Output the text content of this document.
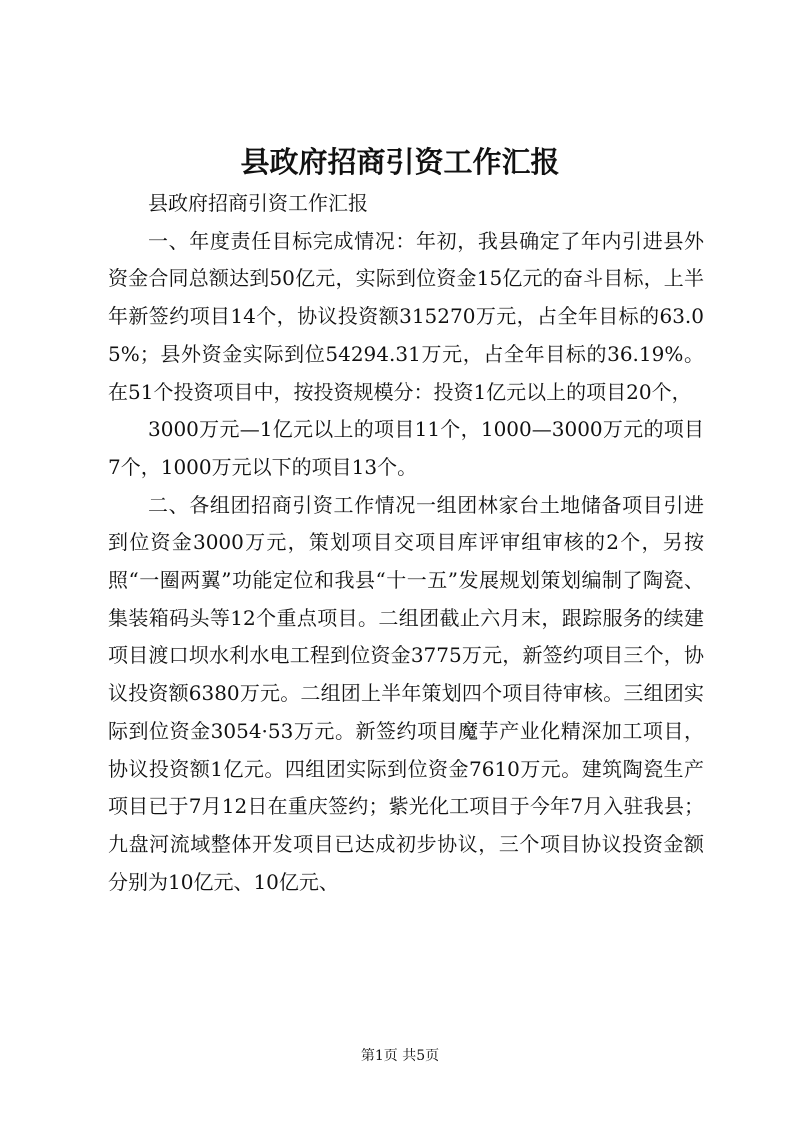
县政府招商引资工作汇报

县政府招商引资工作汇报

一、年度责任目标完成情况：年初，我县确定了年内引进县外资金合同总额达到50亿元，实际到位资金15亿元的奋斗目标，上半年新签约项目14个，协议投资额315270万元，占全年目标的63.05%；县外资金实际到位54294.31万元，占全年目标的36.19%。在51个投资项目中，按投资规模分：投资1亿元以上的项目20个，

3000万元—1亿元以上的项目11个，1000—3000万元的项目7个，1000万元以下的项目13个。

二、各组团招商引资工作情况一组团林家台土地储备项目引进到位资金3000万元，策划项目交项目库评审组审核的2个，另按照“一圈两翼”功能定位和我县“十一五”发展规划策划编制了陶瓷、集装箱码头等12个重点项目。二组团截止六月末，跟踪服务的续建项目渡口坝水利水电工程到位资金3775万元，新签约项目三个，协议投资额6380万元。二组团上半年策划四个项目待审核。三组团实际到位资金3054·53万元。新签约项目魔芋产业化精深加工项目，协议投资额1亿元。四组团实际到位资金7610万元。建筑陶瓷生产项目已于7月12日在重庆签约；紫光化工项目于今年7月入驻我县；九盘河流域整体开发项目已达成初步协议，三个项目协议投资金额分别为10亿元、10亿元、

第1页 共5页
